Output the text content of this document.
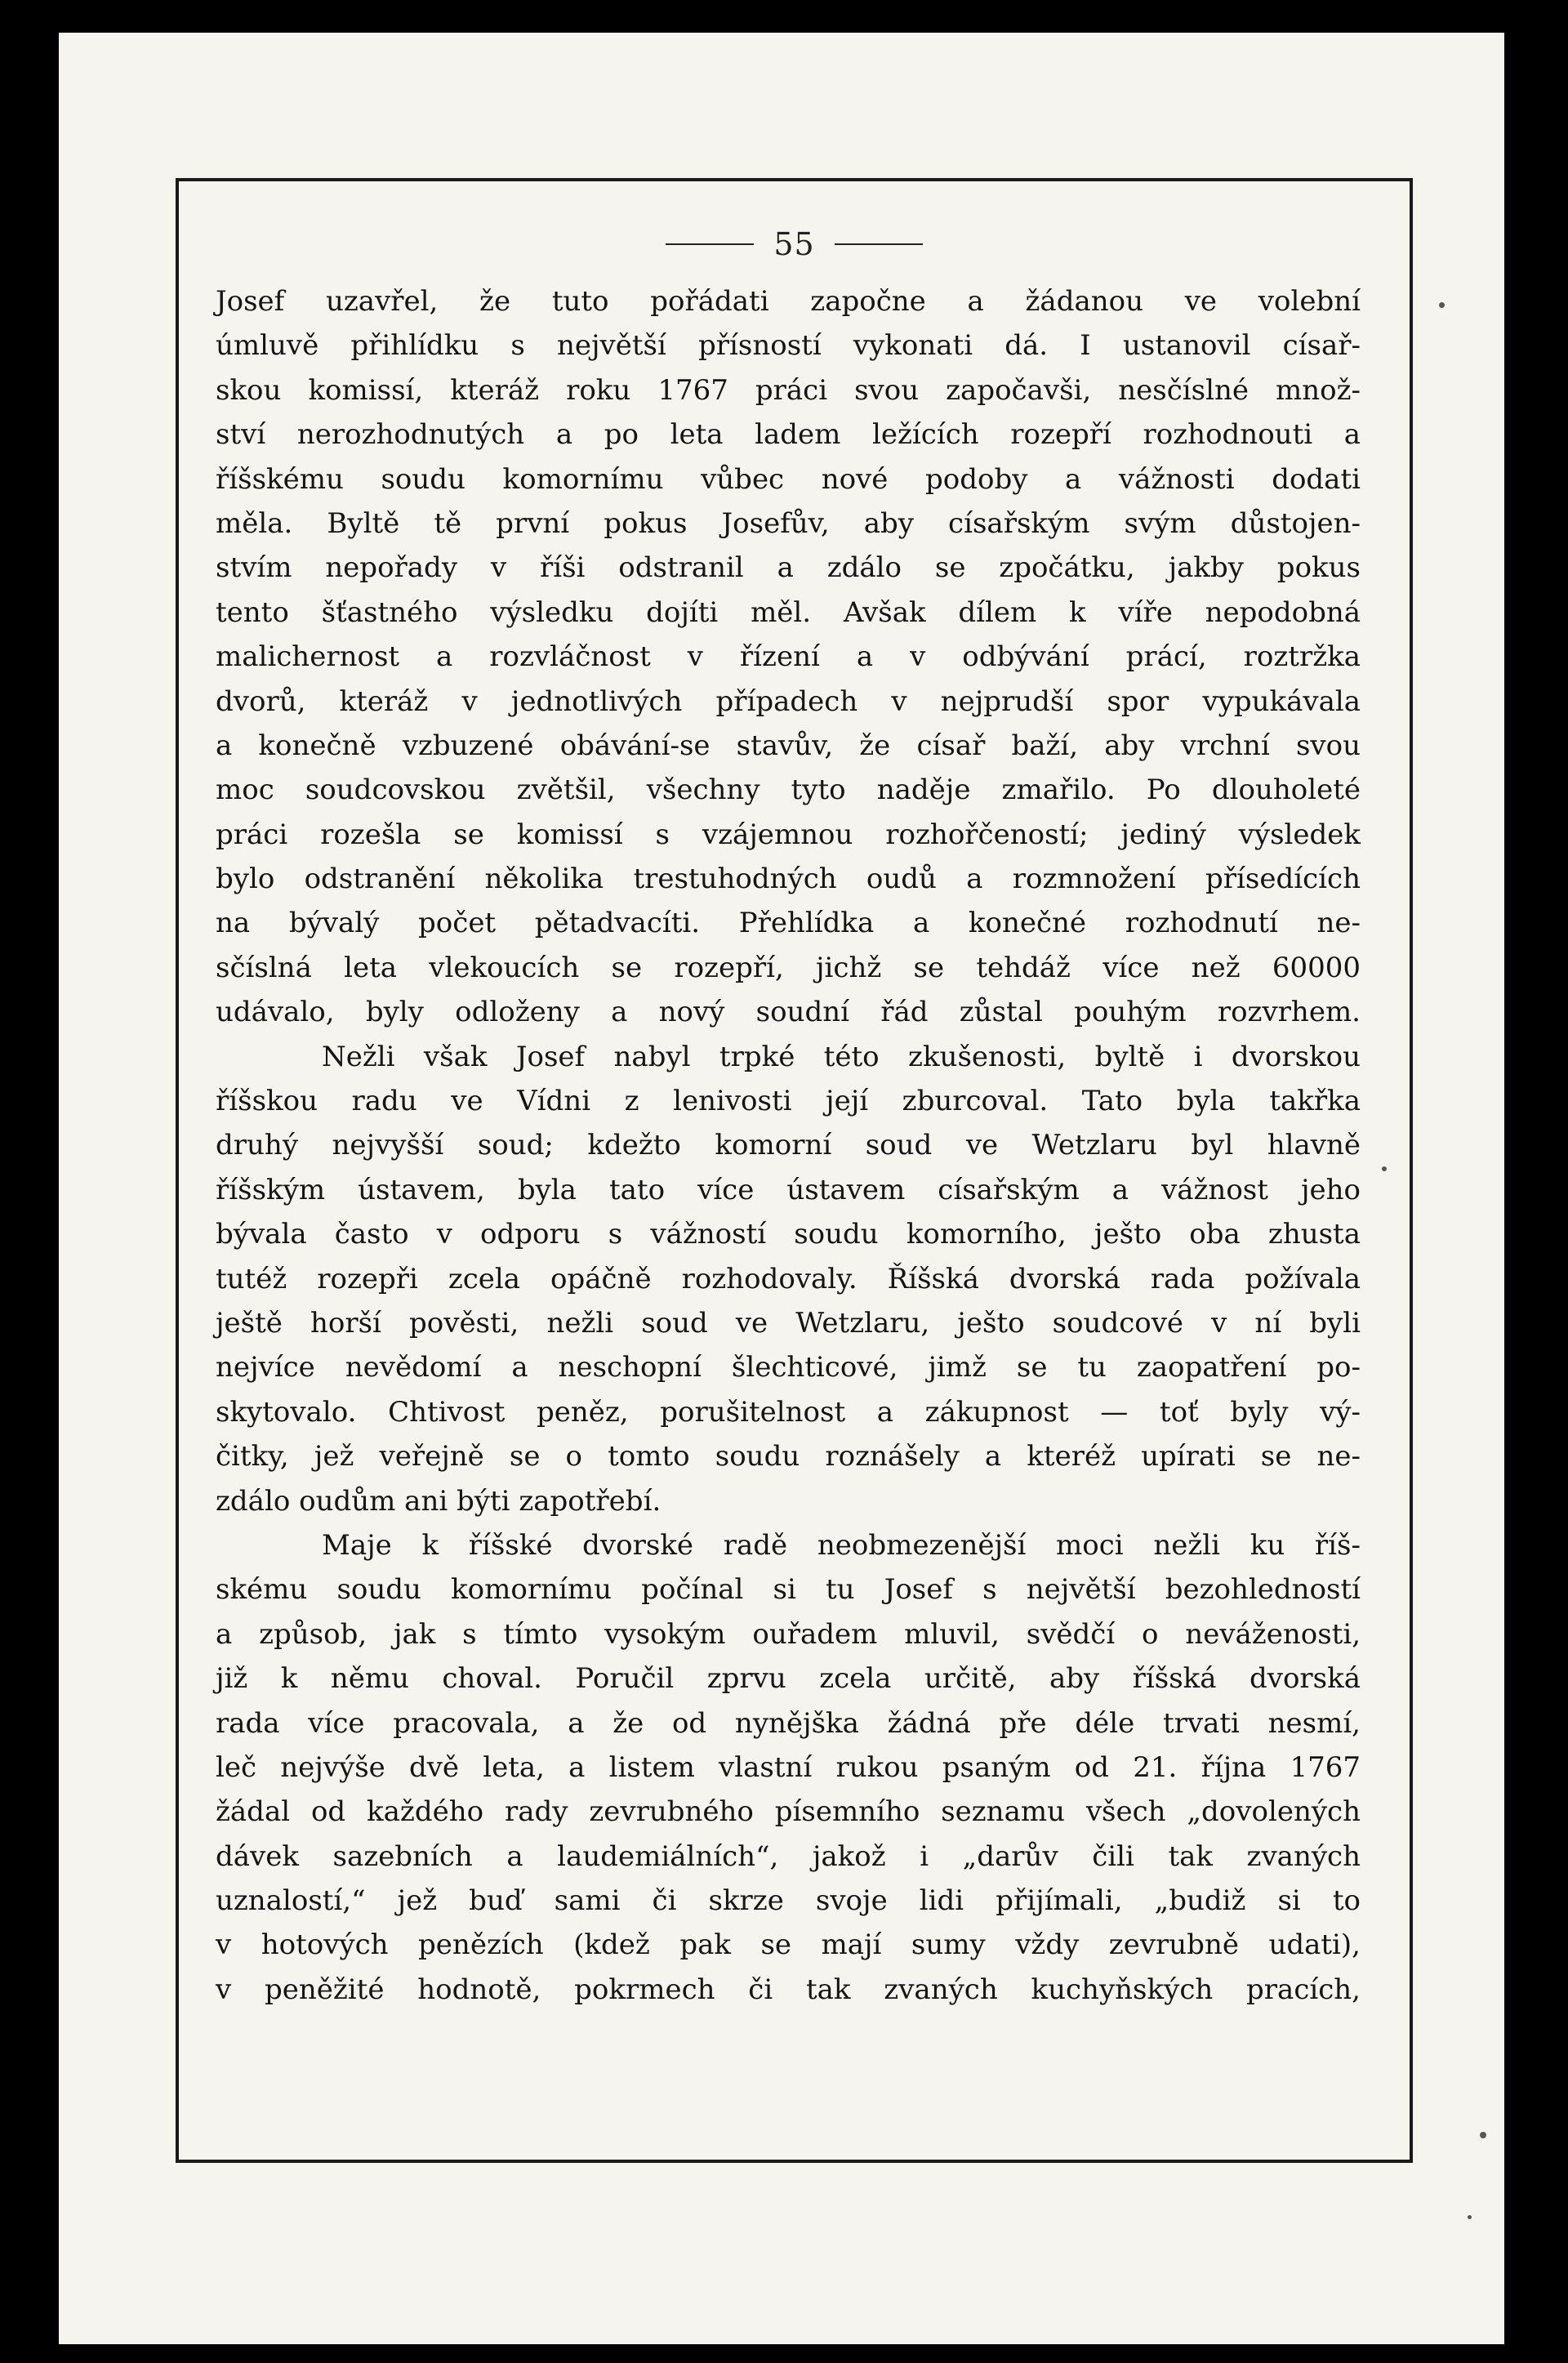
55
Josef uzavřel, že tuto pořádati započne a žádanou ve volební
úmluvě přihlídku s největší přísností vykonati dá. I ustanovil císař-
skou komissí, kteráž roku 1767 práci svou započavši, nesčíslné množ-
ství nerozhodnutých a po leta ladem ležících rozepří rozhodnouti a
říšskému soudu komornímu vůbec nové podoby a vážnosti dodati
měla. Byltě tě první pokus Josefův, aby císařským svým důstojen-
stvím nepořady v říši odstranil a zdálo se zpočátku, jakby pokus
tento šťastného výsledku dojíti měl. Avšak dílem k víře nepodobná
malichernost a rozvláčnost v řízení a v odbývání prácí, roztržka
dvorů, kteráž v jednotlivých případech v nejprudší spor vypukávala
a konečně vzbuzené obávání-se stavův, že císař baží, aby vrchní svou
moc soudcovskou zvětšil, všechny tyto naděje zmařilo. Po dlouholeté
práci rozešla se komissí s vzájemnou rozhořčeností; jediný výsledek
bylo odstranění několika trestuhodných oudů a rozmnožení přísedících
na bývalý počet pětadvacíti. Přehlídka a konečné rozhodnutí ne-
sčíslná leta vlekoucích se rozepří, jichž se tehdáž více než 60000
udávalo, byly odloženy a nový soudní řád zůstal pouhým rozvrhem.
Nežli však Josef nabyl trpké této zkušenosti, byltě i dvorskou
říšskou radu ve Vídni z lenivosti její zburcoval. Tato byla takřka
druhý nejvyšší soud; kdežto komorní soud ve Wetzlaru byl hlavně
říšským ústavem, byla tato více ústavem císařským a vážnost jeho
bývala často v odporu s vážností soudu komorního, ješto oba zhusta
tutéž rozepři zcela opáčně rozhodovaly. Říšská dvorská rada požívala
ještě horší pověsti, nežli soud ve Wetzlaru, ješto soudcové v ní byli
nejvíce nevědomí a neschopní šlechticové, jimž se tu zaopatření po-
skytovalo. Chtivost peněz, porušitelnost a zákupnost — toť byly vý-
čitky, jež veřejně se o tomto soudu roznášely a kteréž upírati se ne-
zdálo oudům ani býti zapotřebí.
Maje k říšské dvorské radě neobmezenější moci nežli ku říš-
skému soudu komornímu počínal si tu Josef s největší bezohledností
a způsob, jak s tímto vysokým ouřadem mluvil, svědčí o neváženosti,
již k němu choval. Poručil zprvu zcela určitě, aby říšská dvorská
rada více pracovala, a že od nynějška žádná pře déle trvati nesmí,
leč nejvýše dvě leta, a listem vlastní rukou psaným od 21. října 1767
žádal od každého rady zevrubného písemního seznamu všech „dovolených
dávek sazebních a laudemiálních“, jakož i „darův čili tak zvaných
uznalostí,“ jež buď sami či skrze svoje lidi přijímali, „budiž si to
v hotových penězích (kdež pak se mají sumy vždy zevrubně udati),
v peněžité hodnotě, pokrmech či tak zvaných kuchyňských pracích,
